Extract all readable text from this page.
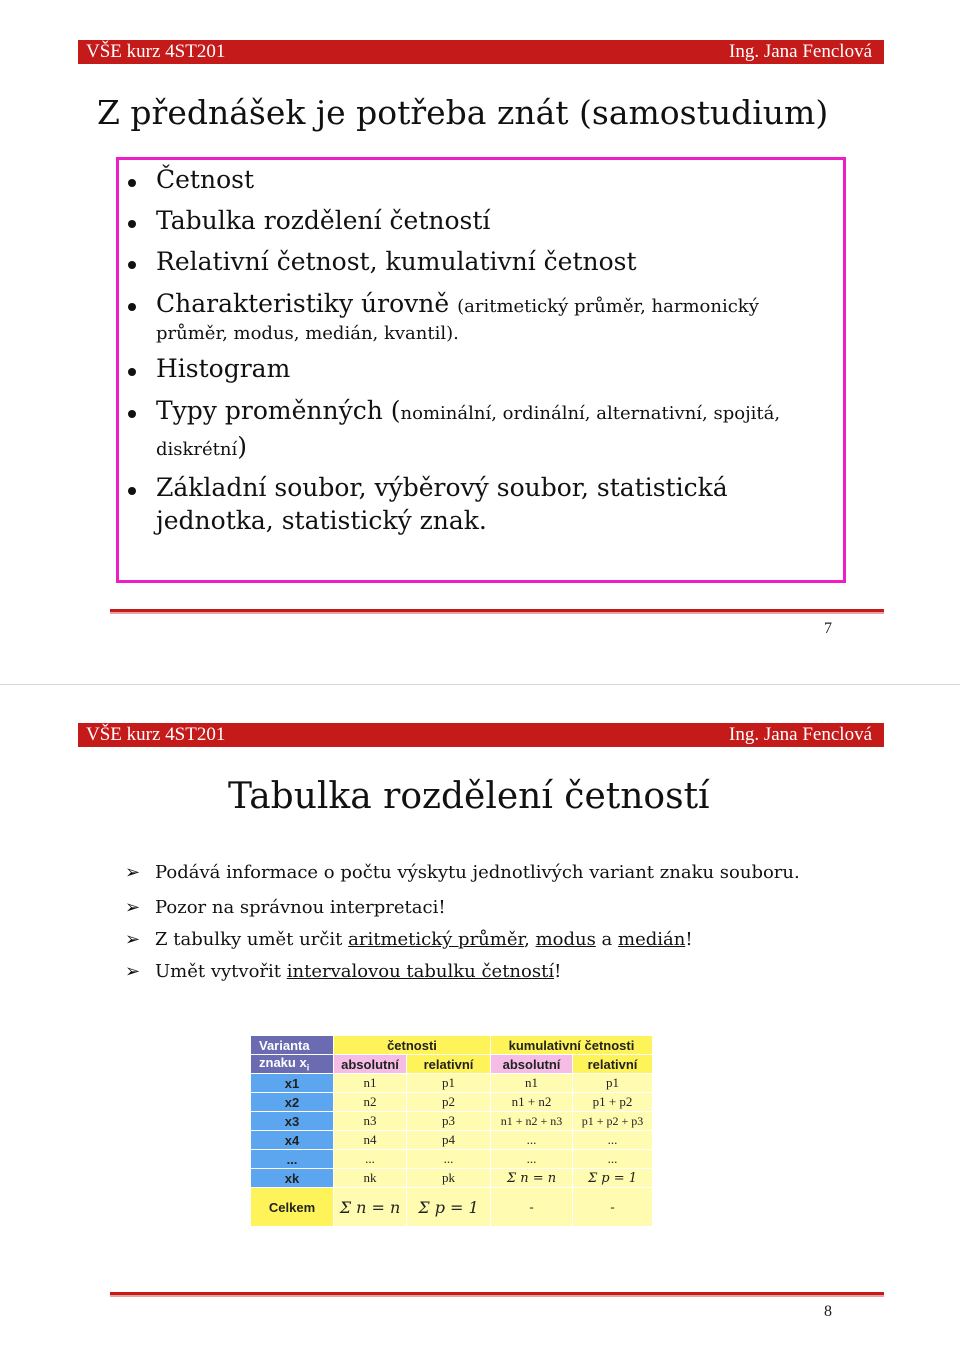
VŠE kurz 4ST201	Ing. Jana Fenclová
Z přednášek je potřeba znát (samostudium)
Četnost
Tabulka rozdělení četností
Relativní četnost, kumulativní četnost
Charakteristiky úrovně (aritmetický průměr, harmonický
průměr, modus, medián, kvantil).
Histogram
Typy proměnných (nominální, ordinální, alternativní, spojitá,
diskrétní)
Základní soubor, výběrový soubor, statistická
jednotka, statistický znak.
7
VŠE kurz 4ST201	Ing. Jana Fenclová
Tabulka rozdělení četností
➢ Podává informace o počtu výskytu jednotlivých variant znaku souboru.
➢ Pozor na správnou interpretaci!
➢ Z tabulky umět určit aritmetický průměr, modus a medián!
➢ Umět vytvořit intervalovou tabulku četností!
Varianta	četnosti		kumulativní četnosti	
znaku $x_i$	absolutní	relativní	absolutní	relativní
x1	n1	p1	n1	p1
x2	n2	p2	n1 + n2	p1 + p2
x3	n3	p3	n1 + n2 + n3	p1 + p2 + p3
x4	n4	p4	...	...
...	...	...	...	...
xk	nk	pk	Σ n = n	Σ p = 1
Celkem	Σ n = n	Σ p = 1	-	-
8
